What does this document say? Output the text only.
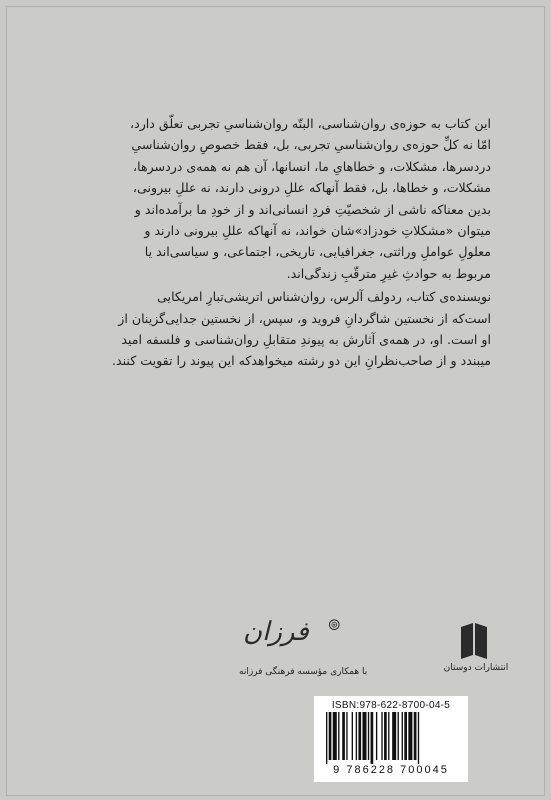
این کتاب به حوزه‌ی روان‌شناسی، البتّه روان‌شناسیِ تجربی تعلّق دارد،
امّا نه کلِّ حوزه‌ی روان‌شناسیِ تجربی، بل، فقط خصوصِ روان‌شناسیِ
دردسرها، مشکلات، و خطاهایِ ما، انسانها، آن هم نه همه‌ی دردسرها،
مشکلات، و خطاها، بل، فقط آنهاکه عللِ درونی دارند، نه عللِ بیرونی،
بدین معناکه ناشی از شخصیّتِ فردِ انسانی‌اند و از خودِ ما برآمده‌اند و
میتوان «مشکلاتِ خودزاد»شان خواند، نه آنهاکه عللِ بیرونی دارند و
معلولِ عواملِ وراثتی، جغرافیایی، تاریخی، اجتماعی، و سیاسی‌اند یا
مربوط به حوادثِ غیرِ مترقّبِ زندگی‌اند.
نویسنده‌ی کتاب، ردولف آلرس، روان‌شناس اتریشی‌تبارِ امریکایی
است‌که از نخستین شاگردانِ فروید و، سپس، از نخستین جدایی‌گزینان از
او است. او، در همه‌ی آثارش به پیوندِ متقابلِ روان‌شناسی و فلسفه امید
میبندد و از صاحب‌نظرانِ این دو رشته میخواهدکه این پیوند را تقویت کنند.
انتشارات دوستان
فرزان
با همکاری مؤسسه فرهنگی فرزانه
ISBN:978-622-8700-04-5
9 786228 700045
